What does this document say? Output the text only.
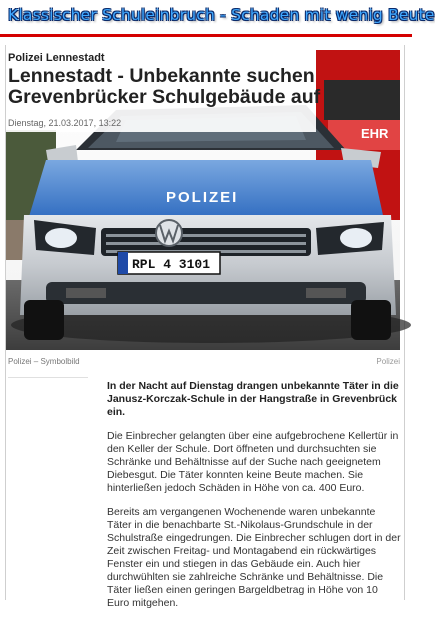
Klassischer Schuleinbruch - Schaden mit wenig Beute
EHR
POLIZEI
RPL 4 3101
Polizei Lennestadt
Lennestadt - Unbekannte suchen Grevenbrücker Schulgebäude auf
Dienstag, 21.03.2017, 13:22
Polizei – Symbolbild	Polizei

In der Nacht auf Dienstag drangen unbekannte Täter in die Janusz-Korczak-Schule in der Hangstraße in Grevenbrück ein.

Die Einbrecher gelangten über eine aufgebrochene Kellertür in den Keller der Schule. Dort öffneten und durchsuchten sie Schränke und Behältnisse auf der Suche nach geeignetem Diebesgut. Die Täter konnten keine Beute machen. Sie hinterließen jedoch Schäden in Höhe von ca. 400 Euro.

Bereits am vergangenen Wochenende waren unbekannte Täter in die benachbarte St.-Nikolaus-Grundschule in der Schulstraße eingedrungen. Die Einbrecher schlugen dort in der Zeit zwischen Freitag- und Montagabend ein rückwärtiges Fenster ein und stiegen in das Gebäude ein. Auch hier durchwühlten sie zahlreiche Schränke und Behältnisse. Die Täter ließen einen geringen Bargeldbetrag in Höhe von 10 Euro mitgehen.
